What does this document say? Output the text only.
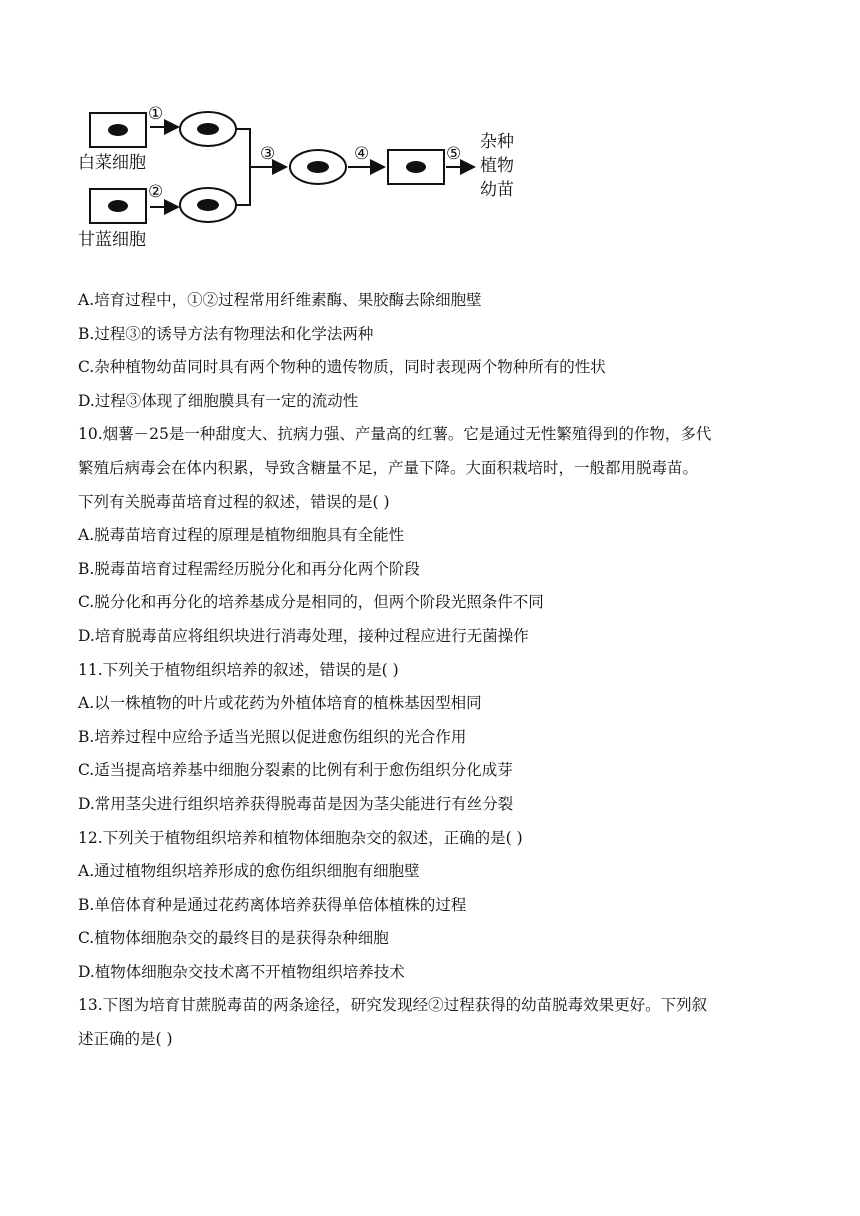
①
②
③	④	⑤
白菜细胞
甘蓝细胞
杂种
植物
幼苗
A.培育过程中，①②过程常用纤维素酶、果胶酶去除细胞壁
B.过程③的诱导方法有物理法和化学法两种
C.杂种植物幼苗同时具有两个物种的遗传物质，同时表现两个物种所有的性状
D.过程③体现了细胞膜具有一定的流动性
10.烟薯－25是一种甜度大、抗病力强、产量高的红薯。它是通过无性繁殖得到的作物，多代
繁殖后病毒会在体内积累，导致含糖量不足，产量下降。大面积栽培时，一般都用脱毒苗。
下列有关脱毒苗培育过程的叙述，错误的是( )
A.脱毒苗培育过程的原理是植物细胞具有全能性
B.脱毒苗培育过程需经历脱分化和再分化两个阶段
C.脱分化和再分化的培养基成分是相同的，但两个阶段光照条件不同
D.培育脱毒苗应将组织块进行消毒处理，接种过程应进行无菌操作
11.下列关于植物组织培养的叙述，错误的是( )
A.以一株植物的叶片或花药为外植体培育的植株基因型相同
B.培养过程中应给予适当光照以促进愈伤组织的光合作用
C.适当提高培养基中细胞分裂素的比例有利于愈伤组织分化成芽
D.常用茎尖进行组织培养获得脱毒苗是因为茎尖能进行有丝分裂
12.下列关于植物组织培养和植物体细胞杂交的叙述，正确的是( )
A.通过植物组织培养形成的愈伤组织细胞有细胞壁
B.单倍体育种是通过花药离体培养获得单倍体植株的过程
C.植物体细胞杂交的最终目的是获得杂种细胞
D.植物体细胞杂交技术离不开植物组织培养技术
13.下图为培育甘蔗脱毒苗的两条途径，研究发现经②过程获得的幼苗脱毒效果更好。下列叙
述正确的是( )
